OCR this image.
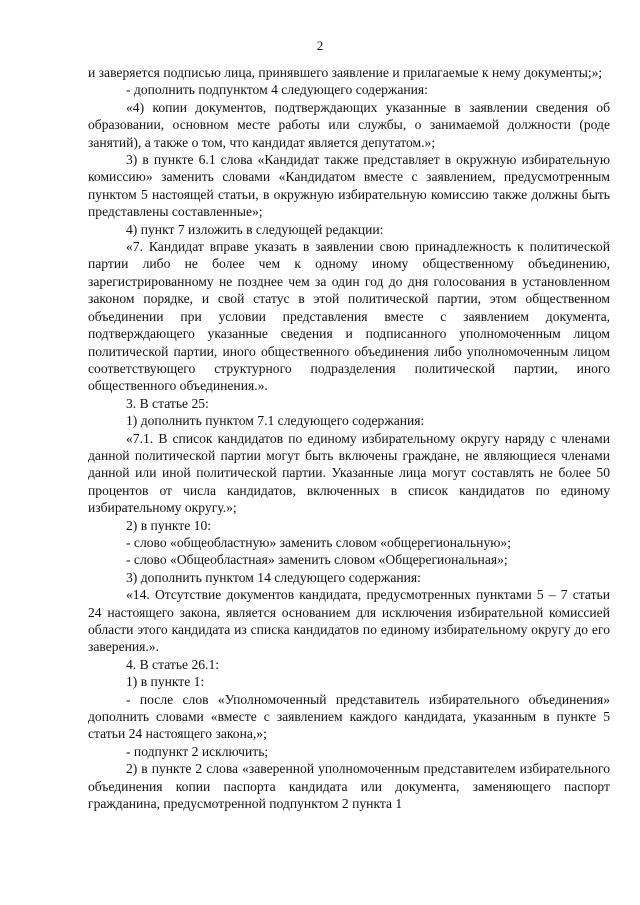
2

и заверяется подписью лица, принявшего заявление и прилагаемые к нему документы;»;

- дополнить подпунктом 4 следующего содержания:

«4) копии документов, подтверждающих указанные в заявлении сведения об образовании, основном месте работы или службы, о занимаемой должности (роде занятий), а также о том, что кандидат является депутатом.»;

3) в пункте 6.1 слова «Кандидат также представляет в окружную избирательную комиссию» заменить словами «Кандидатом вместе с заявлением, предусмотренным пунктом 5 настоящей статьи, в окружную избирательную комиссию также должны быть представлены составленные»;

4) пункт 7 изложить в следующей редакции:

«7. Кандидат вправе указать в заявлении свою принадлежность к политической партии либо не более чем к одному иному общественному объединению, зарегистрированному не позднее чем за один год до дня голосования в установленном законом порядке, и свой статус в этой политической партии, этом общественном объединении при условии представления вместе с заявлением документа, подтверждающего указанные сведения и подписанного уполномоченным лицом политической партии, иного общественного объединения либо уполномоченным лицом соответствующего структурного подразделения политической партии, иного общественного объединения.».

3. В статье 25:

1) дополнить пунктом 7.1 следующего содержания:

«7.1. В список кандидатов по единому избирательному округу наряду с членами данной политической партии могут быть включены граждане, не являющиеся членами данной или иной политической партии. Указанные лица могут составлять не более 50 процентов от числа кандидатов, включенных в список кандидатов по единому избирательному округу.»;

2) в пункте 10:

- слово «общеобластную» заменить словом «общерегиональную»;

- слово «Общеобластная» заменить словом «Общерегиональная»;

3) дополнить пунктом 14 следующего содержания:

«14. Отсутствие документов кандидата, предусмотренных пунктами 5 – 7 статьи 24 настоящего закона, является основанием для исключения избирательной комиссией области этого кандидата из списка кандидатов по единому избирательному округу до его заверения.».

4. В статье 26.1:

1) в пункте 1:

- после слов «Уполномоченный представитель избирательного объединения» дополнить словами «вместе с заявлением каждого кандидата, указанным в пункте 5 статьи 24 настоящего закона,»;

- подпункт 2 исключить;

2) в пункте 2 слова «заверенной уполномоченным представителем избирательного объединения копии паспорта кандидата или документа, заменяющего паспорт гражданина, предусмотренной подпунктом 2 пункта 1
